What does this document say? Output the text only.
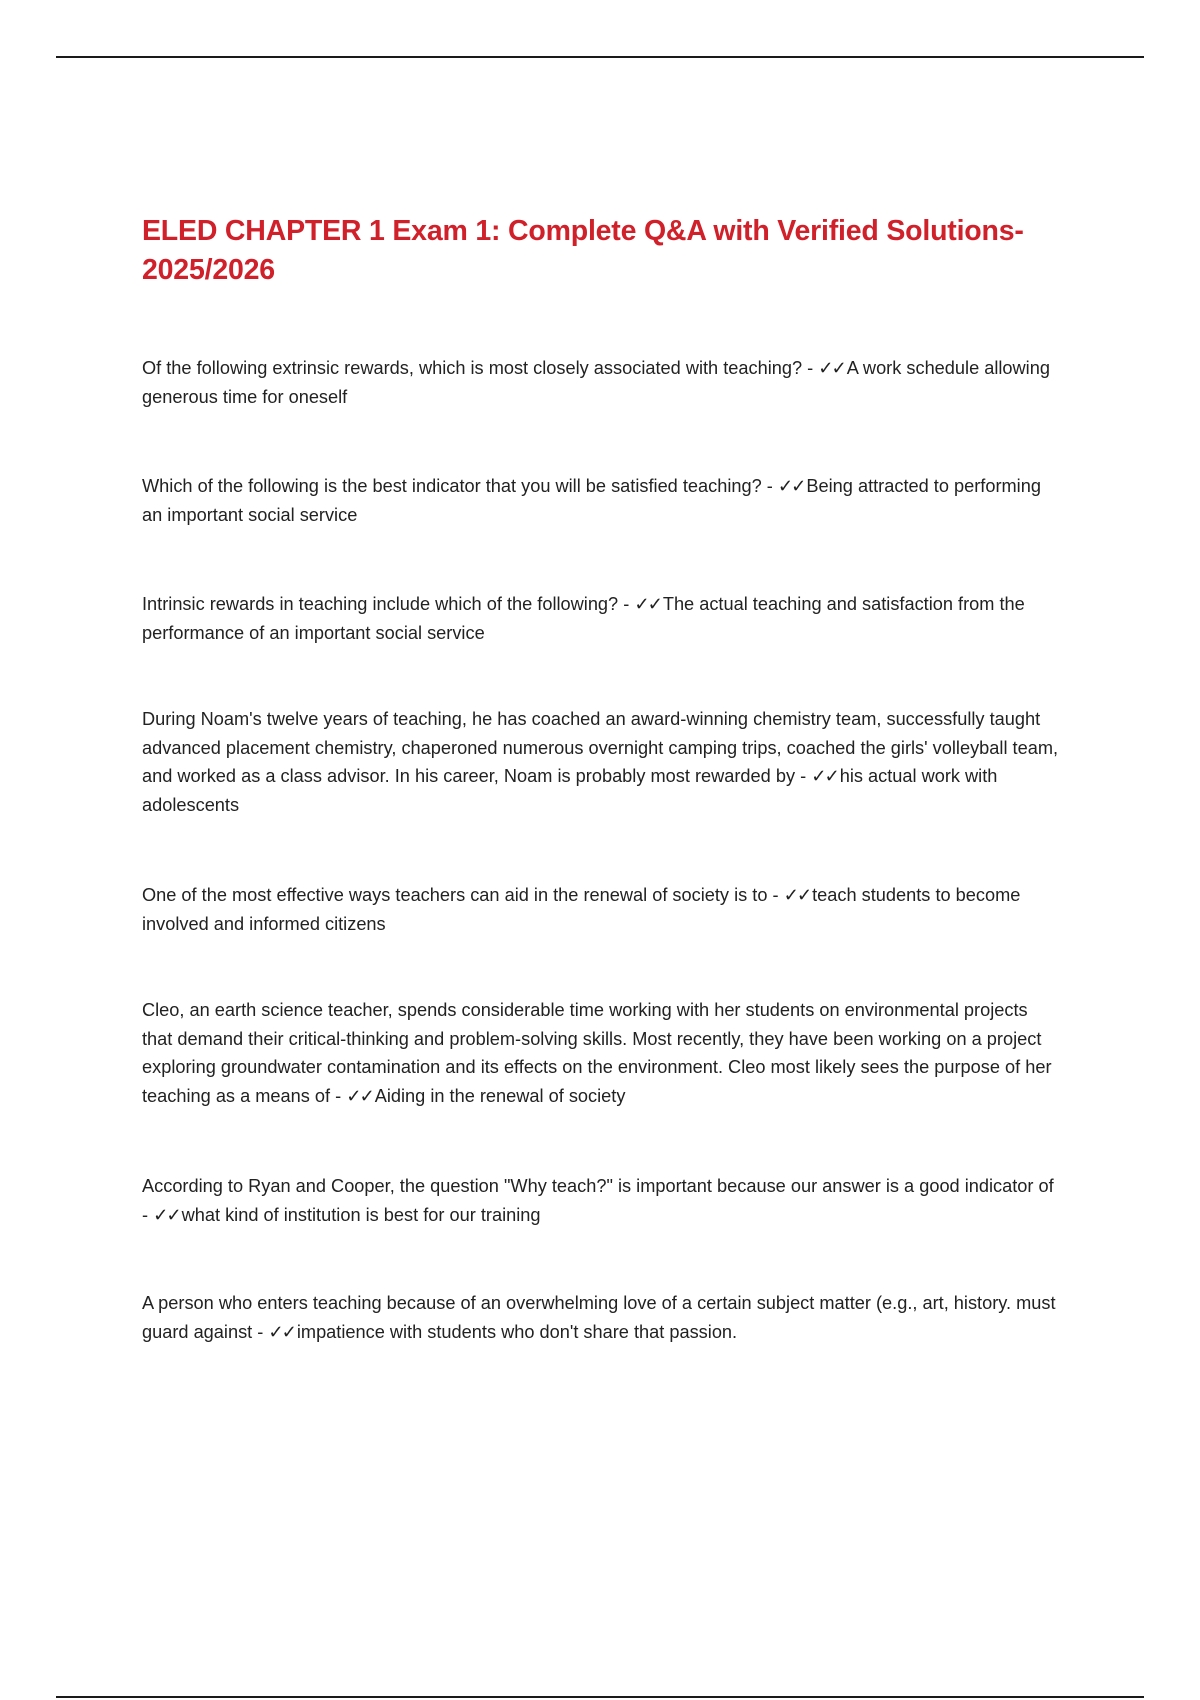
ELED CHAPTER 1 Exam 1: Complete Q&A with Verified Solutions- 2025/2026

Of the following extrinsic rewards, which is most closely associated with teaching? - ✓✓ A work schedule allowing generous time for oneself

Which of the following is the best indicator that you will be satisfied teaching? - ✓✓ Being attracted to performing an important social service

Intrinsic rewards in teaching include which of the following? - ✓✓ The actual teaching and satisfaction from the performance of an important social service

During Noam's twelve years of teaching, he has coached an award-winning chemistry team, successfully taught advanced placement chemistry, chaperoned numerous overnight camping trips, coached the girls' volleyball team, and worked as a class advisor. In his career, Noam is probably most rewarded by - ✓✓ his actual work with adolescents

One of the most effective ways teachers can aid in the renewal of society is to - ✓✓ teach students to become involved and informed citizens

Cleo, an earth science teacher, spends considerable time working with her students on environmental projects that demand their critical-thinking and problem-solving skills. Most recently, they have been working on a project exploring groundwater contamination and its effects on the environment. Cleo most likely sees the purpose of her teaching as a means of - ✓✓ Aiding in the renewal of society

According to Ryan and Cooper, the question "Why teach?" is important because our answer is a good indicator of - ✓✓ what kind of institution is best for our training

A person who enters teaching because of an overwhelming love of a certain subject matter (e.g., art, history. must guard against - ✓✓ impatience with students who don't share that passion.
